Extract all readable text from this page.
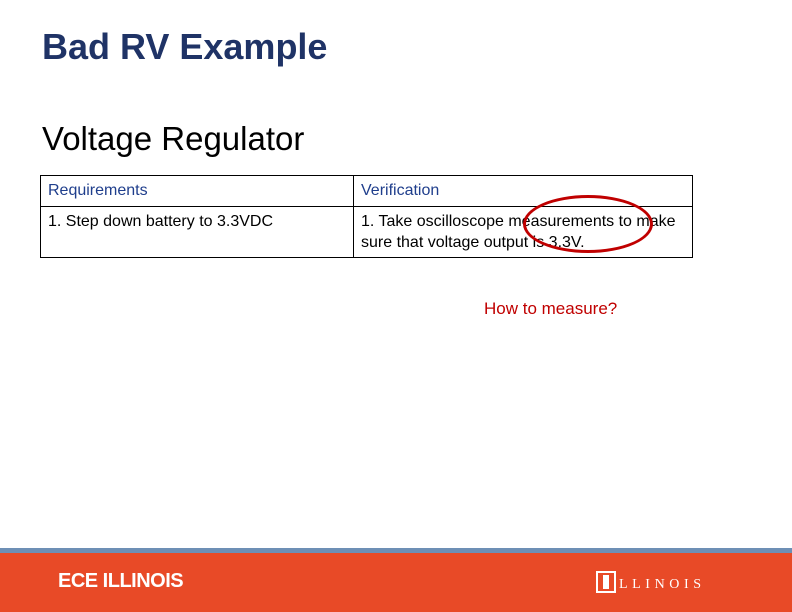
Bad RV Example
Voltage Regulator
Requirements	Verification
1. Step down battery to 3.3VDC	1. Take oscilloscope measurements to make sure that voltage output is 3.3V.
How to measure?
ECE ILLINOIS	LLINOIS
